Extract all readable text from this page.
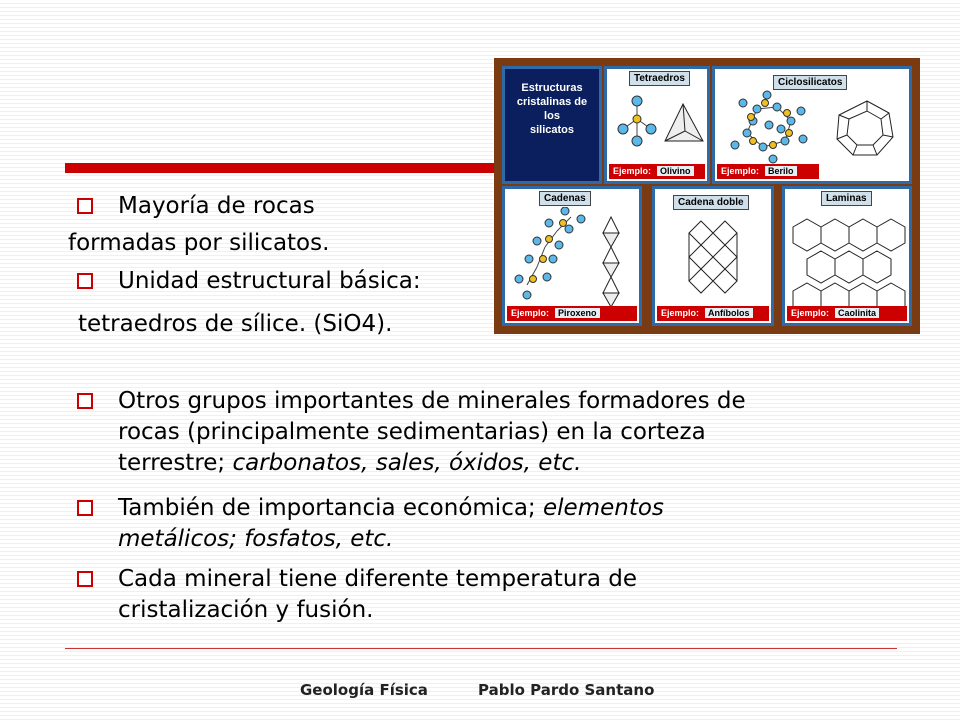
Estructuras
cristalinas de
los
silicatos
Tetraedros
Ejemplo: Olivino
Ciclosilicatos
Ejemplo: Berilo
Cadenas
Ejemplo: Piroxeno
Cadena doble
Ejemplo: Anfíbolos
Laminas
Ejemplo: Caolinita
Mayoría de rocas
formadas por silicatos.
Unidad estructural básica:
tetraedros de sílice. (SiO4).
Otros grupos importantes de minerales formadores de
rocas (principalmente sedimentarias) en la corteza
terrestre; carbonatos, sales, óxidos, etc.
También de importancia económica; elementos
metálicos; fosfatos, etc.
Cada mineral tiene diferente temperatura de
cristalización y fusión.
Geología Física	Pablo Pardo Santano
